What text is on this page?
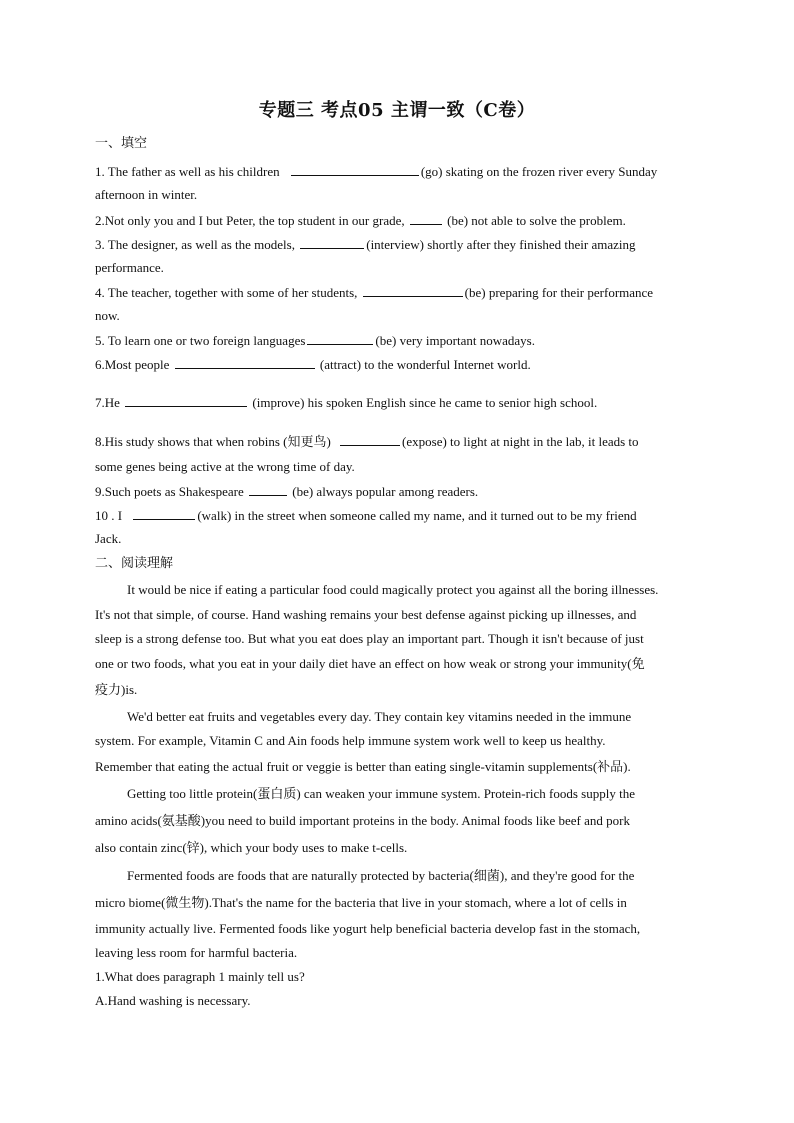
专题三 考点05 主谓一致（C卷）
一、填空
1. The father as well as his children	(go) skating on the frozen river every Sunday
afternoon in winter.
2.Not only you and I but Peter, the top student in our grade,	(be) not able to solve the problem.
3. The designer, as well as the models,	(interview) shortly after they finished their amazing
performance.
4. The teacher, together with some of her students,	(be) preparing for their performance
now.
5. To learn one or two foreign languages	(be) very important nowadays.
6.Most people	(attract) to the wonderful Internet world.
7.He	(improve) his spoken English since he came to senior high school.
8.His study shows that when robins (知更鸟)	(expose) to light at night in the lab, it leads to
some genes being active at the wrong time of day.
9.Such poets as Shakespeare	(be) always popular among readers.
10 . I	(walk) in the street when someone called my name, and it turned out to be my friend
Jack.
二、阅读理解
It would be nice if eating a particular food could magically protect you against all the boring illnesses.
It's not that simple, of course. Hand washing remains your best defense against picking up illnesses, and
sleep is a strong defense too. But what you eat does play an important part. Though it isn't because of just
one or two foods, what you eat in your daily diet have an effect on how weak or strong your immunity(免
疫力)is.
We'd better eat fruits and vegetables every day. They contain key vitamins needed in the immune
system. For example, Vitamin C and Ain foods help immune system work well to keep us healthy.
Remember that eating the actual fruit or veggie is better than eating single-vitamin supplements(补品).
Getting too little protein(蛋白质) can weaken your immune system. Protein-rich foods supply the
amino acids(氨基酸)you need to build important proteins in the body. Animal foods like beef and pork
also contain zinc(锌), which your body uses to make t-cells.
Fermented foods are foods that are naturally protected by bacteria(细菌), and they're good for the
micro biome(微生物).That's the name for the bacteria that live in your stomach, where a lot of cells in
immunity actually live. Fermented foods like yogurt help beneficial bacteria develop fast in the stomach,
leaving less room for harmful bacteria.
1.What does paragraph 1 mainly tell us?
A.Hand washing is necessary.
